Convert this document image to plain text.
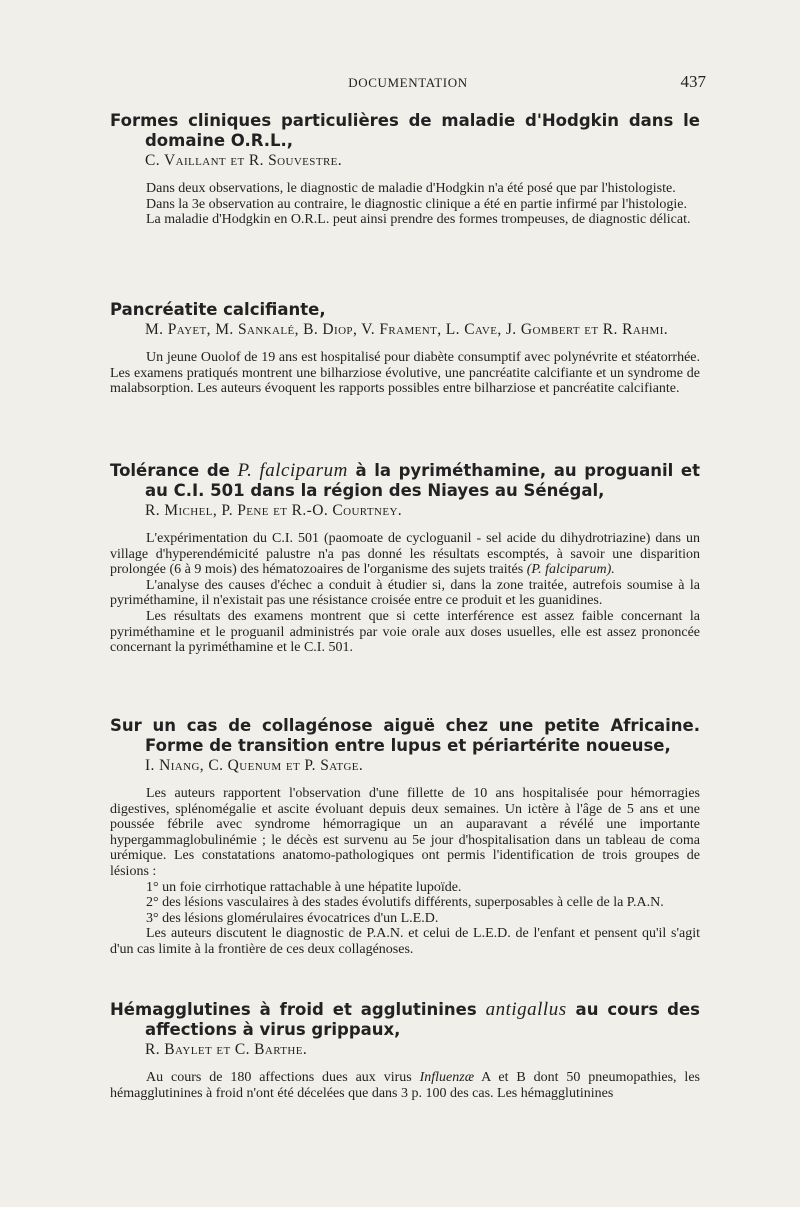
DOCUMENTATION	437
Formes cliniques particulières de maladie d'Hodgkin dans le domaine O.R.L.,
C. Vaillant et R. Souvestre.

Dans deux observations, le diagnostic de maladie d'Hodgkin n'a été posé que par l'histologiste.

Dans la 3e observation au contraire, le diagnostic clinique a été en partie infirmé par l'histologie.

La maladie d'Hodgkin en O.R.L. peut ainsi prendre des formes trompeuses, de diagnostic délicat.

Pancréatite calcifiante,
M. Payet, M. Sankalé, B. Diop, V. Frament, L. Cave, J. Gombert et R. Rahmi.

Un jeune Ouolof de 19 ans est hospitalisé pour diabète consumptif avec polynévrite et stéatorrhée. Les examens pratiqués montrent une bilharziose évolutive, une pancréatite calcifiante et un syndrome de malabsorption. Les auteurs évoquent les rapports possibles entre bilharziose et pancréatite calcifiante.

Tolérance de P. falciparum à la pyriméthamine, au proguanil et au C.I. 501 dans la région des Niayes au Sénégal,
R. Michel, P. Pene et R.-O. Courtney.

L'expérimentation du C.I. 501 (paomoate de cycloguanil - sel acide du dihydrotriazine) dans un village d'hyperendémicité palustre n'a pas donné les résultats escomptés, à savoir une disparition prolongée (6 à 9 mois) des hématozoaires de l'organisme des sujets traités (P. falciparum).

L'analyse des causes d'échec a conduit à étudier si, dans la zone traitée, autrefois soumise à la pyriméthamine, il n'existait pas une résistance croisée entre ce produit et les guanidines.

Les résultats des examens montrent que si cette interférence est assez faible concernant la pyriméthamine et le proguanil administrés par voie orale aux doses usuelles, elle est assez prononcée concernant la pyriméthamine et le C.I. 501.

Sur un cas de collagénose aiguë chez une petite Africaine. Forme de transition entre lupus et périartérite noueuse,
I. Niang, C. Quenum et P. Satge.

Les auteurs rapportent l'observation d'une fillette de 10 ans hospitalisée pour hémorragies digestives, splénomégalie et ascite évoluant depuis deux semaines. Un ictère à l'âge de 5 ans et une poussée fébrile avec syndrome hémorragique un an auparavant a révélé une importante hypergammaglobulinémie ; le décès est survenu au 5e jour d'hospitalisation dans un tableau de coma urémique. Les constatations anatomo-pathologiques ont permis l'identification de trois groupes de lésions :

1° un foie cirrhotique rattachable à une hépatite lupoïde.

2° des lésions vasculaires à des stades évolutifs différents, superposables à celle de la P.A.N.

3° des lésions glomérulaires évocatrices d'un L.E.D.

Les auteurs discutent le diagnostic de P.A.N. et celui de L.E.D. de l'enfant et pensent qu'il s'agit d'un cas limite à la frontière de ces deux collagénoses.

Hémagglutines à froid et agglutinines antigallus au cours des affections à virus grippaux,
R. Baylet et C. Barthe.

Au cours de 180 affections dues aux virus Influenzæ A et B dont 50 pneumopathies, les hémagglutinines à froid n'ont été décelées que dans 3 p. 100 des cas. Les hémagglutinines
